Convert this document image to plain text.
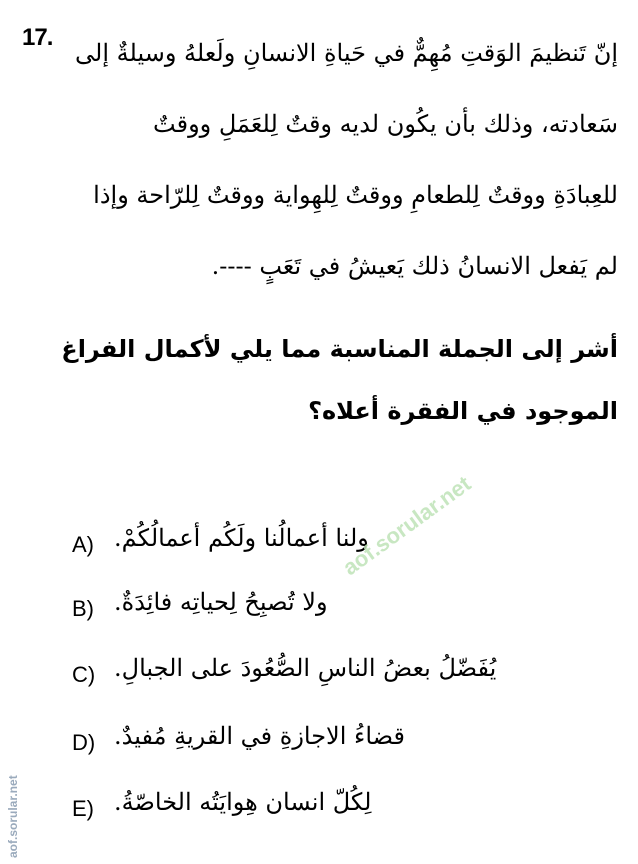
17.
إنّ تَنظيمَ الوَقتِ مُهِمٌّ في حَياةِ الانسانِ ولَعلهُ وسيلةٌ إلى
سَعادته، وذلك بأن يكُون لديه وقتٌ لِلعَمَلِ ووقتٌ
للعِبادَةِ ووقتٌ لِلطعامِ ووقتٌ لِلهِواية ووقتٌ لِلرّاحة وإذا
لم يَفعل الانسانُ ذلك يَعيشُ في تَعَبٍ ----.
أشر إلى الجملة المناسبة مما يلي لأكمال الفراغ
الموجود في الفقرة أعلاه؟
A) ولنا أعمالُنا ولَكُم أعمالُكُمْ.
B) ولا تُصبِحُ لِحياتِه فائِدَةٌ.
C) يُفَضّلُ بعضُ الناسِ الصُّعُودَ على الجبالِ.
D) قضاءُ الاجازةِ في القريةِ مُفيدٌ.
E) لِكُلّ انسان هِوايَتُه الخاصّةُ.
aof.sorular.net
aof.sorular.net
